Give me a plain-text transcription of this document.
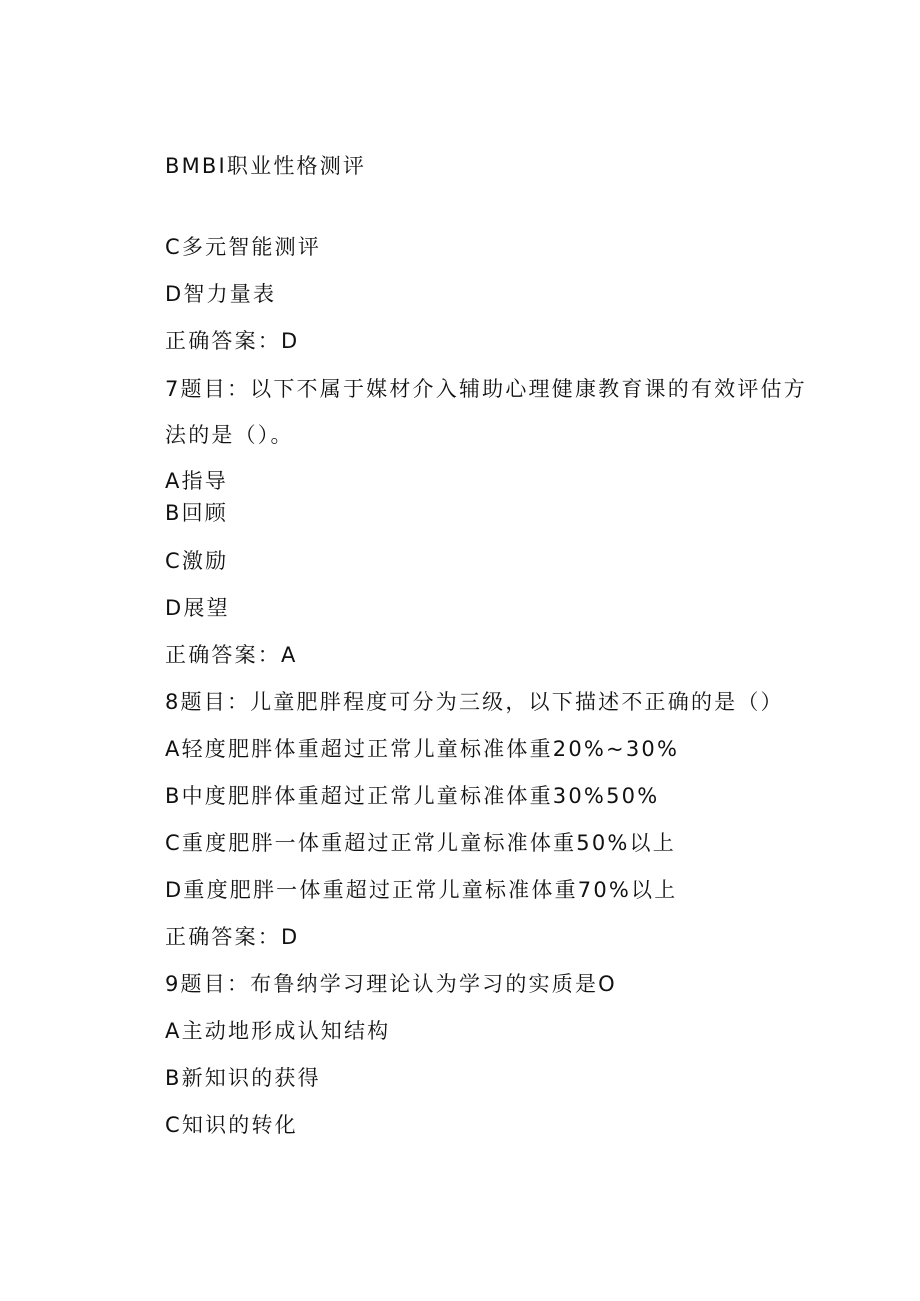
BMBI职业性格测评
C多元智能测评
D智力量表
正确答案：D
7题目：以下不属于媒材介入辅助心理健康教育课的有效评估方
法的是（）。
A指导
B回顾
C激励
D展望
正确答案：A
8题目：儿童肥胖程度可分为三级，以下描述不正确的是（）
A轻度肥胖体重超过正常儿童标准体重20%~30%
B中度肥胖体重超过正常儿童标准体重30%50%
C重度肥胖一体重超过正常儿童标准体重50%以上
D重度肥胖一体重超过正常儿童标准体重70%以上
正确答案：D
9题目：布鲁纳学习理论认为学习的实质是O
A主动地形成认知结构
B新知识的获得
C知识的转化
